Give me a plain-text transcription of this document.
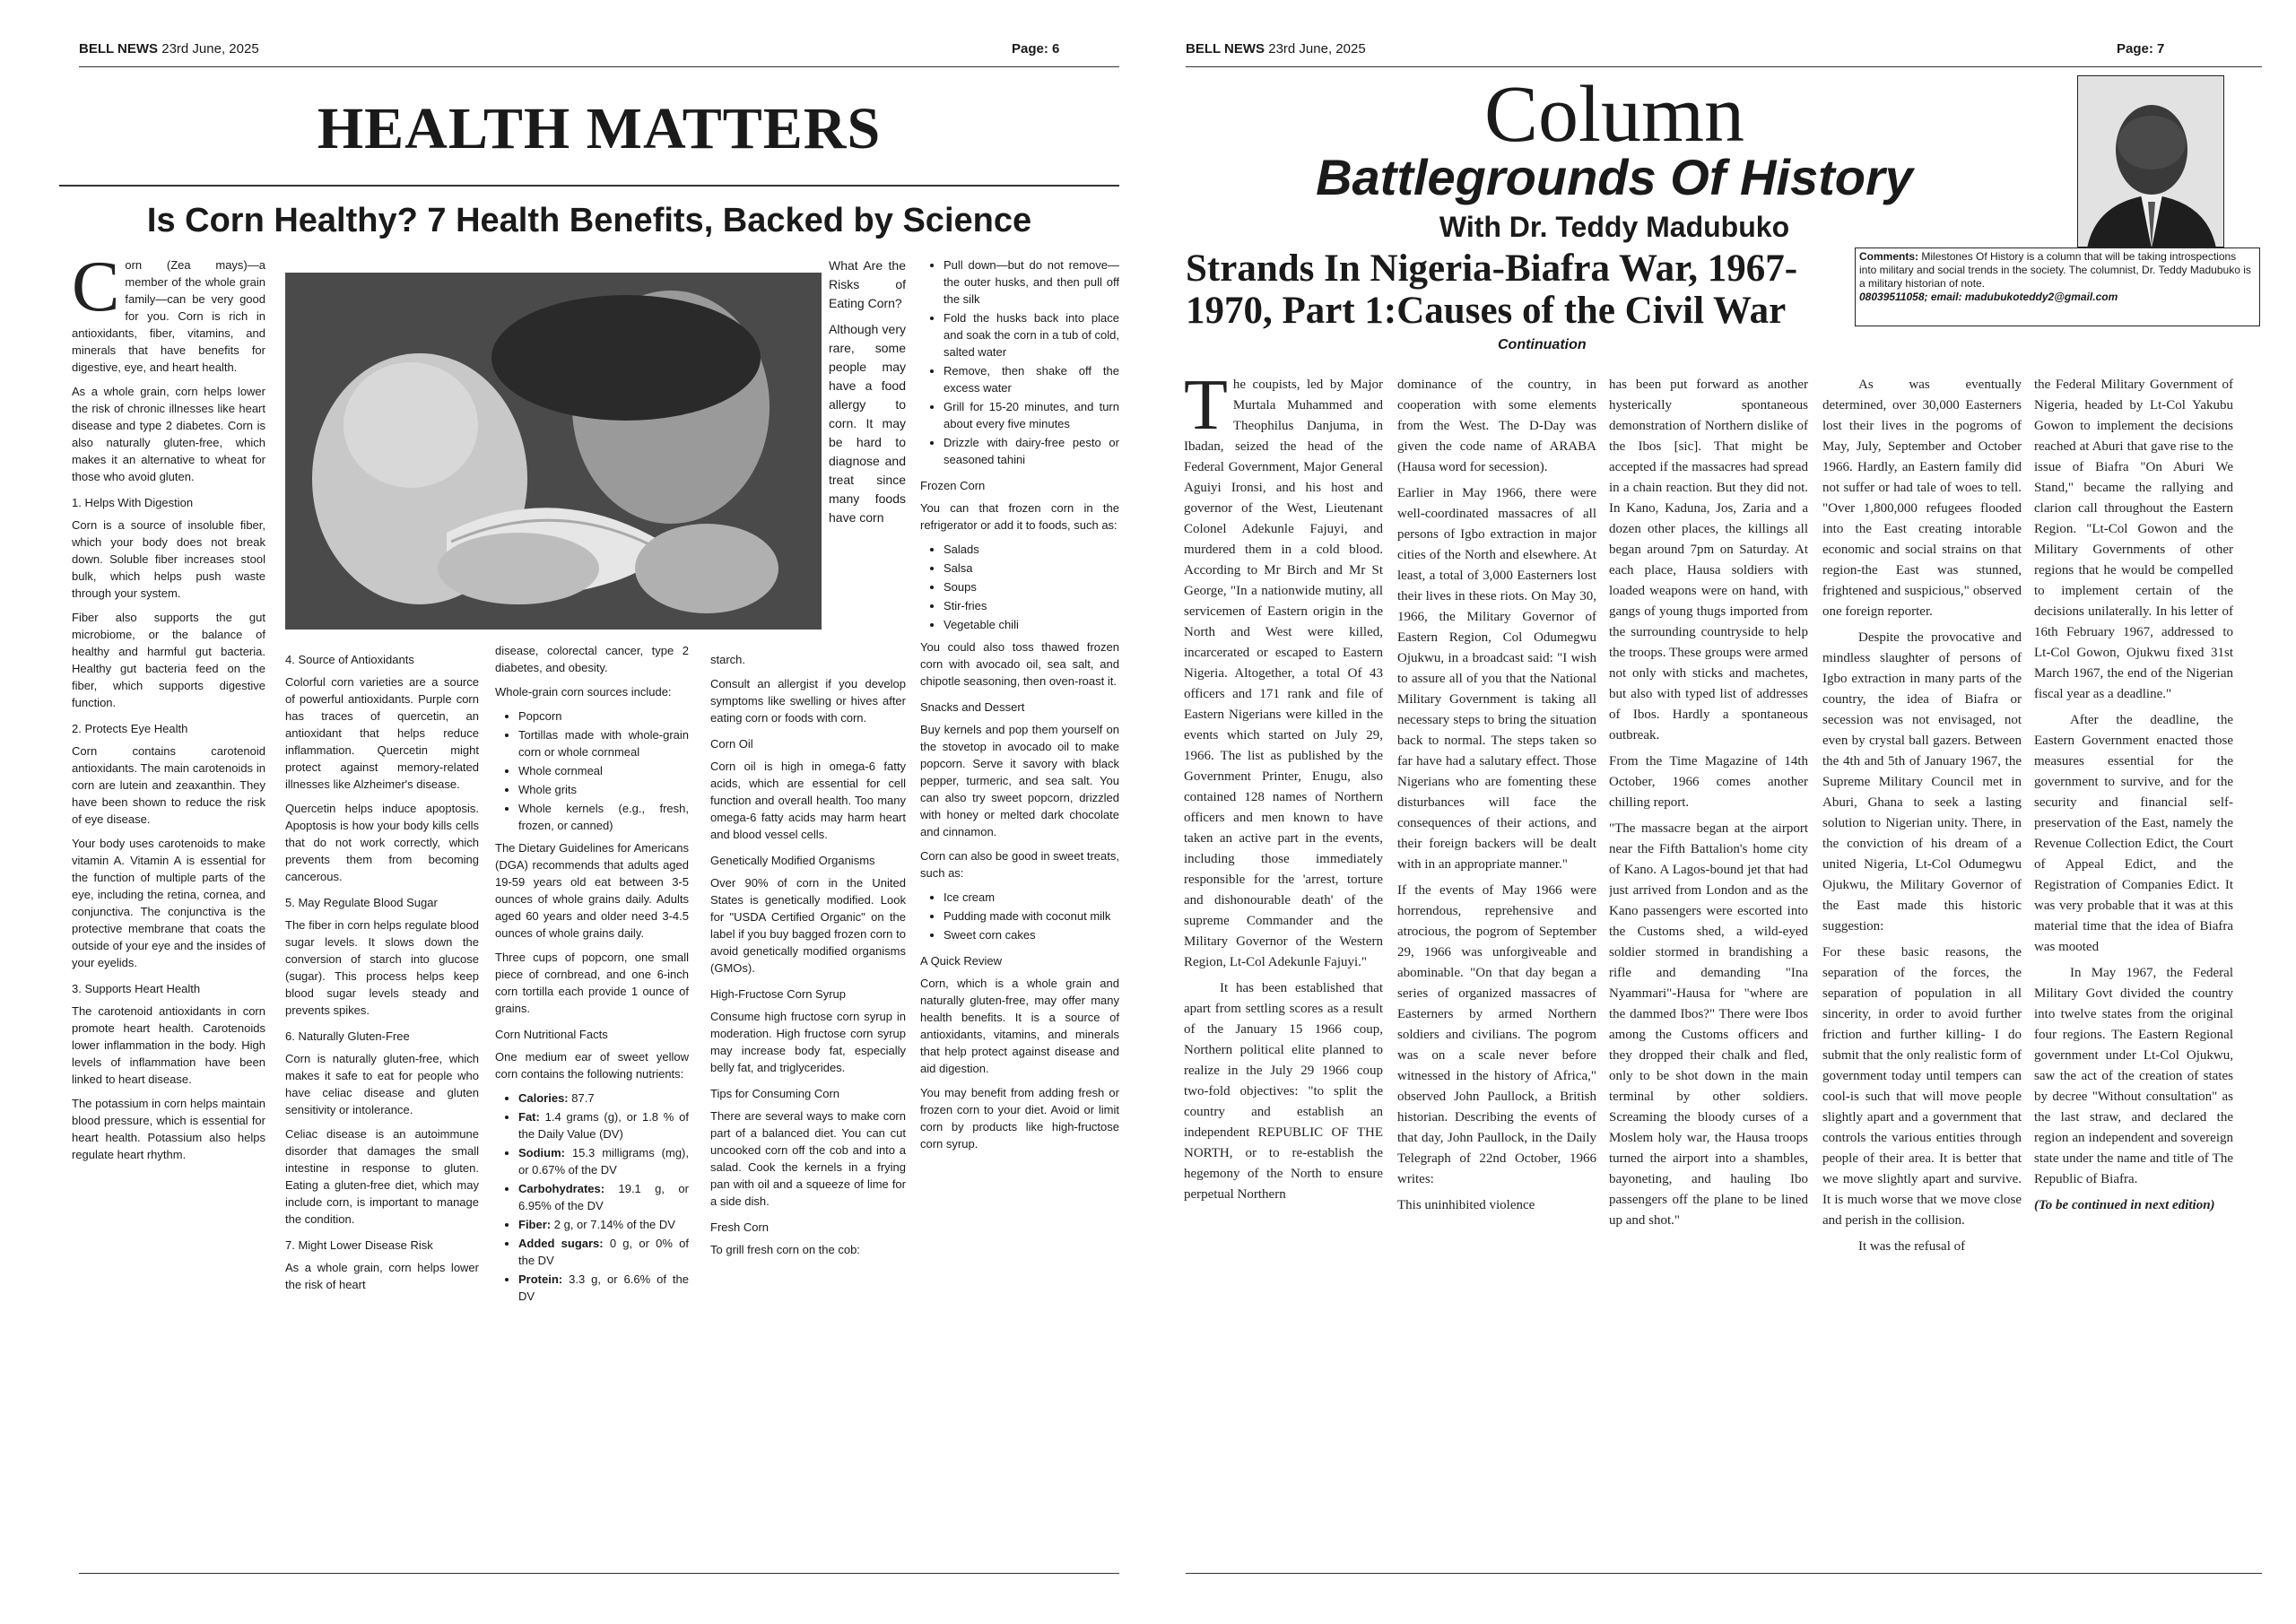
BELL NEWS 23rd June, 2025	Page: 6
HEALTH MATTERS
Is Corn Healthy? 7 Health Benefits, Backed by Science
C orn (Zea mays)—a member of the whole grain family—can be very good for you. Corn is rich in antioxidants, fiber, vitamins, and minerals that have benefits for digestive, eye, and heart health.

As a whole grain, corn helps lower the risk of chronic illnesses like heart disease and type 2 diabetes. Corn is also naturally gluten-free, which makes it an alternative to wheat for those who avoid gluten.

1. Helps With Digestion

Corn is a source of insoluble fiber, which your body does not break down. Soluble fiber increases stool bulk, which helps push waste through your system.

Fiber also supports the gut microbiome, or the balance of healthy and harmful gut bacteria. Healthy gut bacteria feed on the fiber, which supports digestive function.

2. Protects Eye Health

Corn contains carotenoid antioxidants. The main carotenoids in corn are lutein and zeaxanthin. They have been shown to reduce the risk of eye disease.

Your body uses carotenoids to make vitamin A. Vitamin A is essential for the function of multiple parts of the eye, including the retina, cornea, and conjunctiva. The conjunctiva is the protective membrane that coats the outside of your eye and the insides of your eyelids.

3. Supports Heart Health

The carotenoid antioxidants in corn promote heart health. Carotenoids lower inflammation in the body. High levels of inflammation have been linked to heart disease.

The potassium in corn helps maintain blood pressure, which is essential for heart health. Potassium also helps regulate heart rhythm.

4. Source of Antioxidants

Colorful corn varieties are a source of powerful antioxidants. Purple corn has traces of quercetin, an antioxidant that helps reduce inflammation. Quercetin might protect against memory-related illnesses like Alzheimer's disease.

Quercetin helps induce apoptosis. Apoptosis is how your body kills cells that do not work correctly, which prevents them from becoming cancerous.

5. May Regulate Blood Sugar

The fiber in corn helps regulate blood sugar levels. It slows down the conversion of starch into glucose (sugar). This process helps keep blood sugar levels steady and prevents spikes.

6. Naturally Gluten-Free

Corn is naturally gluten-free, which makes it safe to eat for people who have celiac disease and gluten sensitivity or intolerance.

Celiac disease is an autoimmune disorder that damages the small intestine in response to gluten. Eating a gluten-free diet, which may include corn, is important to manage the condition.

7. Might Lower Disease Risk

As a whole grain, corn helps lower the risk of heart

disease, colorectal cancer, type 2 diabetes, and obesity.

Whole-grain corn sources include:

• Popcorn
• Tortillas made with whole-grain corn or whole cornmeal
• Whole cornmeal
• Whole grits
• Whole kernels (e.g., fresh, frozen, or canned)

The Dietary Guidelines for Americans (DGA) recommends that adults aged 19-59 years old eat between 3-5 ounces of whole grains daily. Adults aged 60 years and older need 3-4.5 ounces of whole grains daily.

Three cups of popcorn, one small piece of cornbread, and one 6-inch corn tortilla each provide 1 ounce of grains.

Corn Nutritional Facts

One medium ear of sweet yellow corn contains the following nutrients:

• Calories: 87.7
• Fat: 1.4 grams (g), or 1.8 % of the Daily Value (DV)
• Sodium: 15.3 milligrams (mg), or 0.67% of the DV
• Carbohydrates: 19.1 g, or 6.95% of the DV
• Fiber: 2 g, or 7.14% of the DV
• Added sugars: 0 g, or 0% of the DV
• Protein: 3.3 g, or 6.6% of the DV

What Are the Risks of Eating Corn?

Although very rare, some people may have a food allergy to corn. It may be hard to diagnose and treat since many foods have corn

starch.

Consult an allergist if you develop symptoms like swelling or hives after eating corn or foods with corn.

Corn Oil

Corn oil is high in omega-6 fatty acids, which are essential for cell function and overall health. Too many omega-6 fatty acids may harm heart and blood vessel cells.

Genetically Modified Organisms

Over 90% of corn in the United States is genetically modified. Look for "USDA Certified Organic" on the label if you buy bagged frozen corn to avoid genetically modified organisms (GMOs).

High-Fructose Corn Syrup

Consume high fructose corn syrup in moderation. High fructose corn syrup may increase body fat, especially belly fat, and triglycerides.

Tips for Consuming Corn

There are several ways to make corn part of a balanced diet. You can cut uncooked corn off the cob and into a salad. Cook the kernels in a frying pan with oil and a squeeze of lime for a side dish.

Fresh Corn

To grill fresh corn on the cob:

• Pull down—but do not remove—the outer husks, and then pull off the silk
• Fold the husks back into place and soak the corn in a tub of cold, salted water
• Remove, then shake off the excess water
• Grill for 15-20 minutes, and turn about every five minutes
• Drizzle with dairy-free pesto or seasoned tahini

Frozen Corn

You can that frozen corn in the refrigerator or add it to foods, such as:

• Salads
• Salsa
• Soups
• Stir-fries
• Vegetable chili

You could also toss thawed frozen corn with avocado oil, sea salt, and chipotle seasoning, then oven-roast it.

Snacks and Dessert

Buy kernels and pop them yourself on the stovetop in avocado oil to make popcorn. Serve it savory with black pepper, turmeric, and sea salt. You can also try sweet popcorn, drizzled with honey or melted dark chocolate and cinnamon.

Corn can also be good in sweet treats, such as:

• Ice cream
• Pudding made with coconut milk
• Sweet corn cakes

A Quick Review

Corn, which is a whole grain and naturally gluten-free, may offer many health benefits. It is a source of antioxidants, vitamins, and minerals that help protect against disease and aid digestion.

You may benefit from adding fresh or frozen corn to your diet. Avoid or limit corn by products like high-fructose corn syrup.

BELL NEWS 23rd June, 2025	Page: 7
Column
Battlegrounds Of History
With Dr. Teddy Madubuko
Comments: Milestones Of History is a column that will be taking introspections into military and social trends in the society. The columnist, Dr. Teddy Madubuko is a military historian of note.
08039511058; email: madubukoteddy2@gmail.com
Strands In Nigeria-Biafra War, 1967-1970, Part 1:Causes of the Civil War
Continuation
T he coupists, led by Major Murtala Muhammed and Theophilus Danjuma, in Ibadan, seized the head of the Federal Government, Major General Aguiyi Ironsi, and his host and governor of the West, Lieutenant Colonel Adekunle Fajuyi, and murdered them in a cold blood. According to Mr Birch and Mr St George, "In a nationwide mutiny, all servicemen of Eastern origin in the North and West were killed, incarcerated or escaped to Eastern Nigeria. Altogether, a total Of 43 officers and 171 rank and file of Eastern Nigerians were killed in the events which started on July 29, 1966. The list as published by the Government Printer, Enugu, also contained 128 names of Northern officers and men known to have taken an active part in the events, including those immediately responsible for the 'arrest, torture and dishonourable death' of the supreme Commander and the Military Governor of the Western Region, Lt-Col Adekunle Fajuyi."

It has been established that apart from settling scores as a result of the January 15 1966 coup, Northern political elite planned to realize in the July 29 1966 coup two-fold objectives: "to split the country and establish an independent REPUBLIC OF THE NORTH, or to re-establish the hegemony of the North to ensure perpetual Northern

dominance of the country, in cooperation with some elements from the West. The D-Day was given the code name of ARABA (Hausa word for secession).

Earlier in May 1966, there were well-coordinated massacres of all persons of Igbo extraction in major cities of the North and elsewhere. At least, a total of 3,000 Easterners lost their lives in these riots. On May 30, 1966, the Military Governor of Eastern Region, Col Odumegwu Ojukwu, in a broadcast said: "I wish to assure all of you that the National Military Government is taking all necessary steps to bring the situation back to normal. The steps taken so far have had a salutary effect. Those Nigerians who are fomenting these disturbances will face the consequences of their actions, and their foreign backers will be dealt with in an appropriate manner."

If the events of May 1966 were horrendous, reprehensive and atrocious, the pogrom of September 29, 1966 was unforgiveable and abominable. "On that day began a series of organized massacres of Easterners by armed Northern soldiers and civilians. The pogrom was on a scale never before witnessed in the history of Africa," observed John Paullock, a British historian. Describing the events of that day, John Paullock, in the Daily Telegraph of 22nd October, 1966 writes:

This uninhibited violence

has been put forward as another hysterically spontaneous demonstration of Northern dislike of the Ibos [sic]. That might be accepted if the massacres had spread in a chain reaction. But they did not. In Kano, Kaduna, Jos, Zaria and a dozen other places, the killings all began around 7pm on Saturday. At each place, Hausa soldiers with loaded weapons were on hand, with gangs of young thugs imported from the surrounding countryside to help the troops. These groups were armed not only with sticks and machetes, but also with typed list of addresses of Ibos. Hardly a spontaneous outbreak.

From the Time Magazine of 14th October, 1966 comes another chilling report.

"The massacre began at the airport near the Fifth Battalion's home city of Kano. A Lagos-bound jet that had just arrived from London and as the Kano passengers were escorted into the Customs shed, a wild-eyed soldier stormed in brandishing a rifle and demanding "Ina Nyammari"-Hausa for "where are the dammed Ibos?" There were Ibos among the Customs officers and they dropped their chalk and fled, only to be shot down in the main terminal by other soldiers. Screaming the bloody curses of a Moslem holy war, the Hausa troops turned the airport into a shambles, bayoneting, and hauling Ibo passengers off the plane to be lined up and shot."

As was eventually determined, over 30,000 Easterners lost their lives in the pogroms of May, July, September and October 1966. Hardly, an Eastern family did not suffer or had tale of woes to tell. "Over 1,800,000 refugees flooded into the East creating intorable economic and social strains on that region-the East was stunned, frightened and suspicious," observed one foreign reporter.

Despite the provocative and mindless slaughter of persons of Igbo extraction in many parts of the country, the idea of Biafra or secession was not envisaged, not even by crystal ball gazers. Between the 4th and 5th of January 1967, the Supreme Military Council met in Aburi, Ghana to seek a lasting solution to Nigerian unity. There, in the conviction of his dream of a united Nigeria, Lt-Col Odumegwu Ojukwu, the Military Governor of the East made this historic suggestion:

For these basic reasons, the separation of the forces, the separation of population in all sincerity, in order to avoid further friction and further killing- I do submit that the only realistic form of government today until tempers can cool-is such that will move people slightly apart and a government that controls the various entities through people of their area. It is better that we move slightly apart and survive. It is much worse that we move close and perish in the collision.

It was the refusal of

the Federal Military Government of Nigeria, headed by Lt-Col Yakubu Gowon to implement the decisions reached at Aburi that gave rise to the issue of Biafra "On Aburi We Stand," became the rallying and clarion call throughout the Eastern Region. "Lt-Col Gowon and the Military Governments of other regions that he would be compelled to implement certain of the decisions unilaterally. In his letter of 16th February 1967, addressed to Lt-Col Gowon, Ojukwu fixed 31st March 1967, the end of the Nigerian fiscal year as a deadline."

After the deadline, the Eastern Government enacted those measures essential for the government to survive, and for the security and financial self-preservation of the East, namely the Revenue Collection Edict, the Court of Appeal Edict, and the Registration of Companies Edict. It was very probable that it was at this material time that the idea of Biafra was mooted

In May 1967, the Federal Military Govt divided the country into twelve states from the original four regions. The Eastern Regional government under Lt-Col Ojukwu, saw the act of the creation of states by decree "Without consultation" as the last straw, and declared the region an independent and sovereign state under the name and title of The Republic of Biafra.

(To be continued in next edition)
